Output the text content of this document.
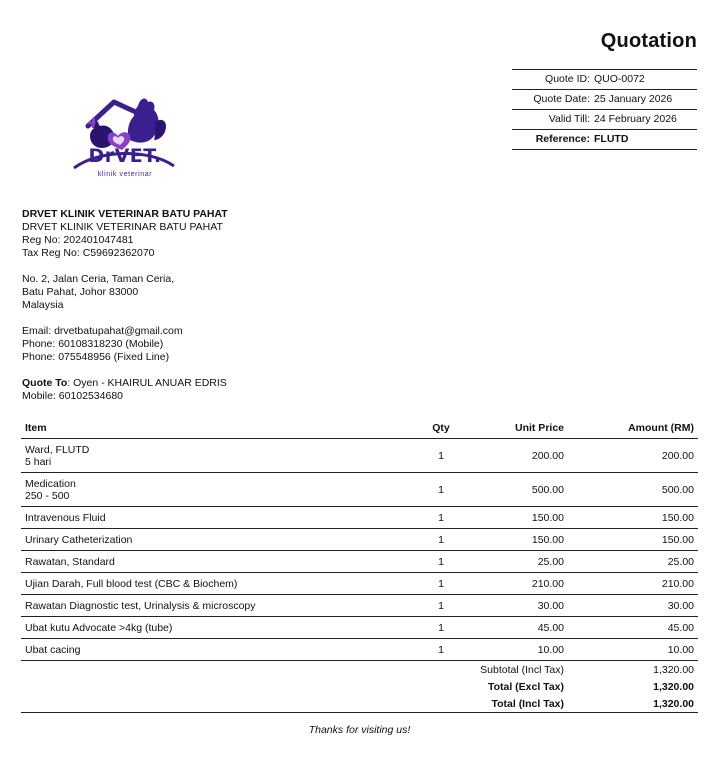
Quotation
Quote ID:	QUO-0072
Quote Date:	25 January 2026
Valid Till:	24 February 2026
Reference:	FLUTD
DrVET.
klinik veterinar
DRVET KLINIK VETERINAR BATU PAHAT
DRVET KLINIK VETERINAR BATU PAHAT
Reg No: 202401047481
Tax Reg No: C59692362070
No. 2, Jalan Ceria, Taman Ceria,
Batu Pahat, Johor 83000
Malaysia
Email: drvetbatupahat@gmail.com
Phone: 60108318230 (Mobile)
Phone: 075548956 (Fixed Line)
Quote To: Oyen - KHAIRUL ANUAR EDRIS
Mobile: 60102534680
Item	Qty	Unit Price	Amount (RM)
Ward, FLUTD
5 hari	1	200.00	200.00
Medication
250 - 500	1	500.00	500.00
Intravenous Fluid	1	150.00	150.00
Urinary Catheterization	1	150.00	150.00
Rawatan, Standard	1	25.00	25.00
Ujian Darah, Full blood test (CBC & Biochem)	1	210.00	210.00
Rawatan Diagnostic test, Urinalysis & microscopy	1	30.00	30.00
Ubat kutu Advocate >4kg (tube)	1	45.00	45.00
Ubat cacing	1	10.00	10.00
Subtotal (Incl Tax)	1,320.00
Total (Excl Tax)	1,320.00
Total (Incl Tax)	1,320.00
Thanks for visiting us!
